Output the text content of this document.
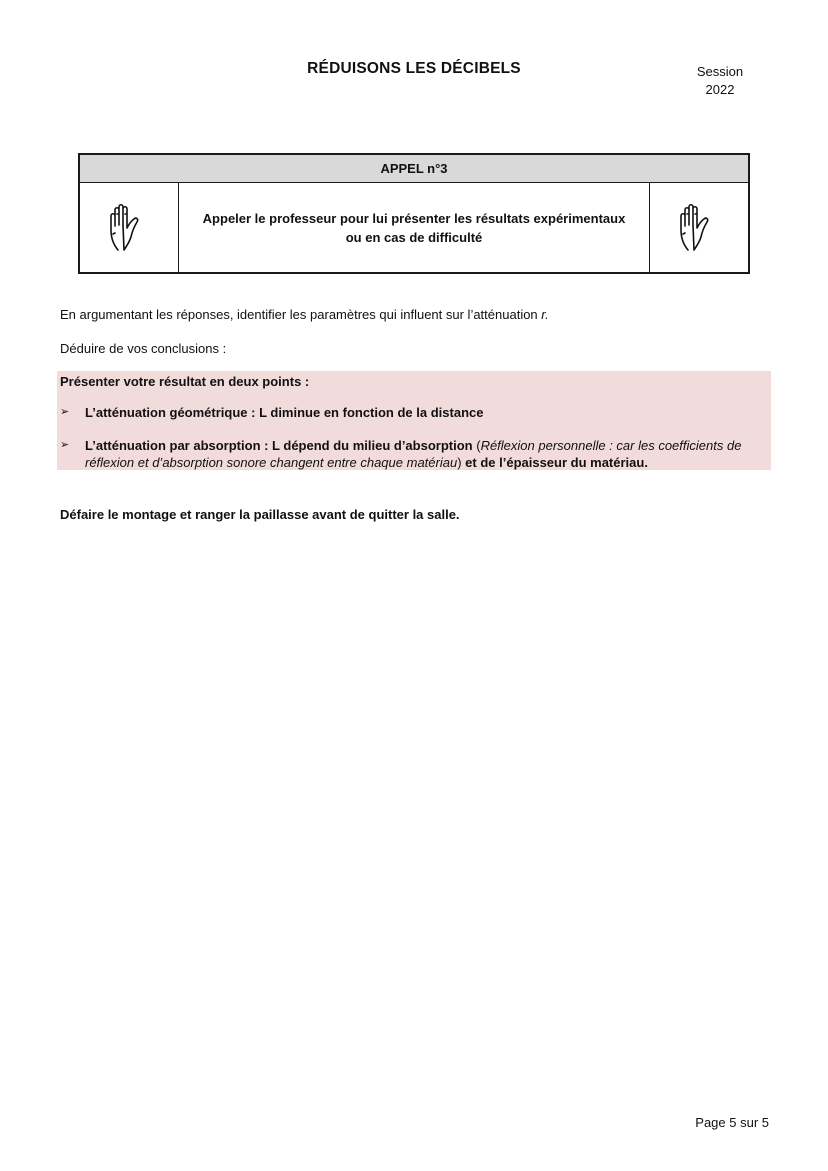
RÉDUISONS LES DÉCIBELS	Session
2022
APPEL n°3
Appeler le professeur pour lui présenter les résultats expérimentaux
ou en cas de difficulté
En argumentant les réponses, identifier les paramètres qui influent sur l’atténuation r.
Déduire de vos conclusions :
Présenter votre résultat en deux points :
➢ L’atténuation géométrique : L diminue en fonction de la distance
➢ L’atténuation par absorption : L dépend du milieu d’absorption (Réflexion personnelle : car les coefficients de réflexion et d’absorption sonore changent entre chaque matériau) et de l’épaisseur du matériau.
Défaire le montage et ranger la paillasse avant de quitter la salle.
Page 5 sur 5
